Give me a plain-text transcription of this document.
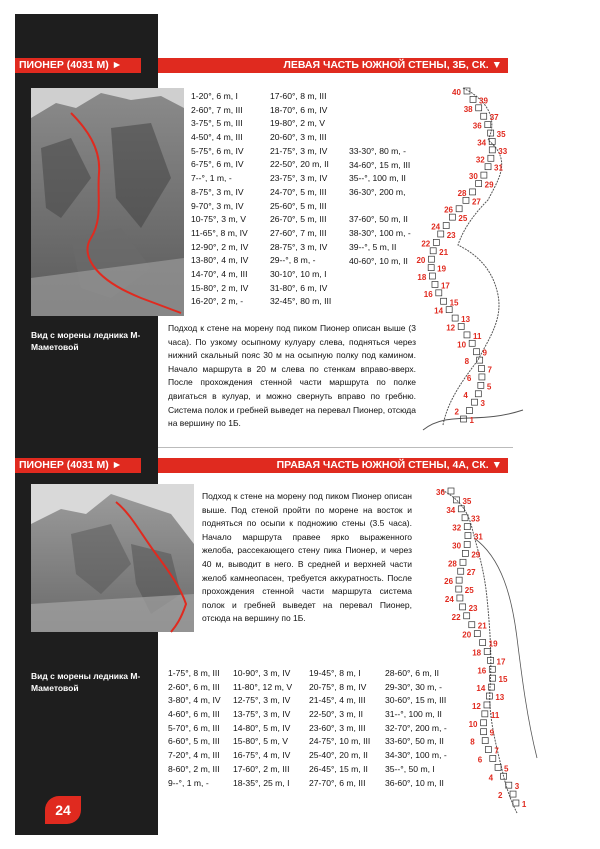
24
ПИОНЕР (4031 М) ►	ЛЕВАЯ ЧАСТЬ ЮЖНОЙ СТЕНЫ, 3Б, СК. ▼
Вид с морены ледника М-Маметовой
1-20°, 6 m, I
2-60°, 7 m, III
3-75°, 5 m, III
4-50°, 4 m, III
5-75°, 6 m, IV
6-75°, 6 m, IV
7--°, 1 m, -
8-75°, 3 m, IV
9-70°, 3 m, IV
10-75°, 3 m, V
11-65°, 8 m, IV
12-90°, 2 m, IV
13-80°, 4 m, IV
14-70°, 4 m, III
15-80°, 2 m, IV
16-20°, 2 m, -
17-60°, 8 m, III
18-70°, 6 m, IV
19-80°, 2 m, V
20-60°, 3 m, III
21-75°, 3 m, IV
22-50°, 20 m, II
23-75°, 3 m, IV
24-70°, 5 m, III
25-60°, 5 m, III
26-70°, 5 m, III
27-60°, 7 m, III
28-75°, 3 m, IV
29--°, 8 m, -
30-10°, 10 m, I
31-80°, 6 m, IV
32-45°, 80 m, III
33-30°, 80 m, -
34-60°, 15 m, III
35--°, 100 m, II
36-30°, 200 m,
37-60°, 50 m, II
38-30°, 100 m, -
39--°, 5 m, II
40-60°, 10 m, II
Подход к стене на морену под пиком Пионер описан выше (3 часа). По узкому осыпному кулуару слева, подняться через нижний скальный пояс 30 м на осыпную полку под камином. Начало маршрута в 20 м слева по стенкам вправо-вверх. После прохождения стенной части маршрута по полке двигаться в кулуар, и можно свернуть вправо по гребню. Система полок и гребней выведет на перевал Пионер, отсюда на вершину по 1Б.
40
39
38
37
36
35
34
33
32
31
30
29
28
27
26
25
24
23
22
21
20
19
18
17
16
15
14
13
12
11
10
9
8
7
6
5
4
3
2
1
ПИОНЕР (4031 М) ►	ПРАВАЯ ЧАСТЬ ЮЖНОЙ СТЕНЫ, 4А, СК. ▼
Вид с морены ледника М-Маметовой
Подход к стене на морену под пиком Пионер описан выше. Под стеной пройти по морене на восток и подняться по осыпи к подножию стены (3.5 часа). Начало маршрута правее ярко выраженного желоба, рассекающего стену пика Пионер, и через 40 м, выводит в него. В средней и верхней части желоб камнеопасен, требуется аккуратность. После прохождения стенной части маршрута система полок и гребней выведет на перевал Пионер, отсюда на вершину по 1Б.
1-75°, 8 m, III
2-60°, 6 m, III
3-80°, 4 m, IV
4-60°, 6 m, III
5-70°, 6 m, III
6-60°, 5 m, III
7-20°, 4 m, III
8-60°, 2 m, III
9--°, 1 m, -
10-90°, 3 m, IV
11-80°, 12 m, V
12-75°, 3 m, IV
13-75°, 3 m, IV
14-80°, 5 m, IV
15-80°, 5 m, V
16-75°, 4 m, IV
17-60°, 2 m, III
18-35°, 25 m, I
19-45°, 8 m, I
20-75°, 8 m, IV
21-45°, 4 m, III
22-50°, 3 m, II
23-60°, 3 m, III
24-75°, 10 m, III
25-40°, 20 m, II
26-45°, 15 m, II
27-70°, 6 m, III
28-60°, 6 m, II
29-30°, 30 m, -
30-60°, 15 m, III
31--°, 100 m, II
32-70°, 200 m, -
33-60°, 50 m, II
34-30°, 100 m, -
35--°, 50 m, I
36-60°, 10 m, II
36
35
34
33
32
31
30
29
28
27
26
25
24
23
22
21
20
19
18
17
16
15
14
13
12
11
10
9
8
7
6
5
4
3
2
1
